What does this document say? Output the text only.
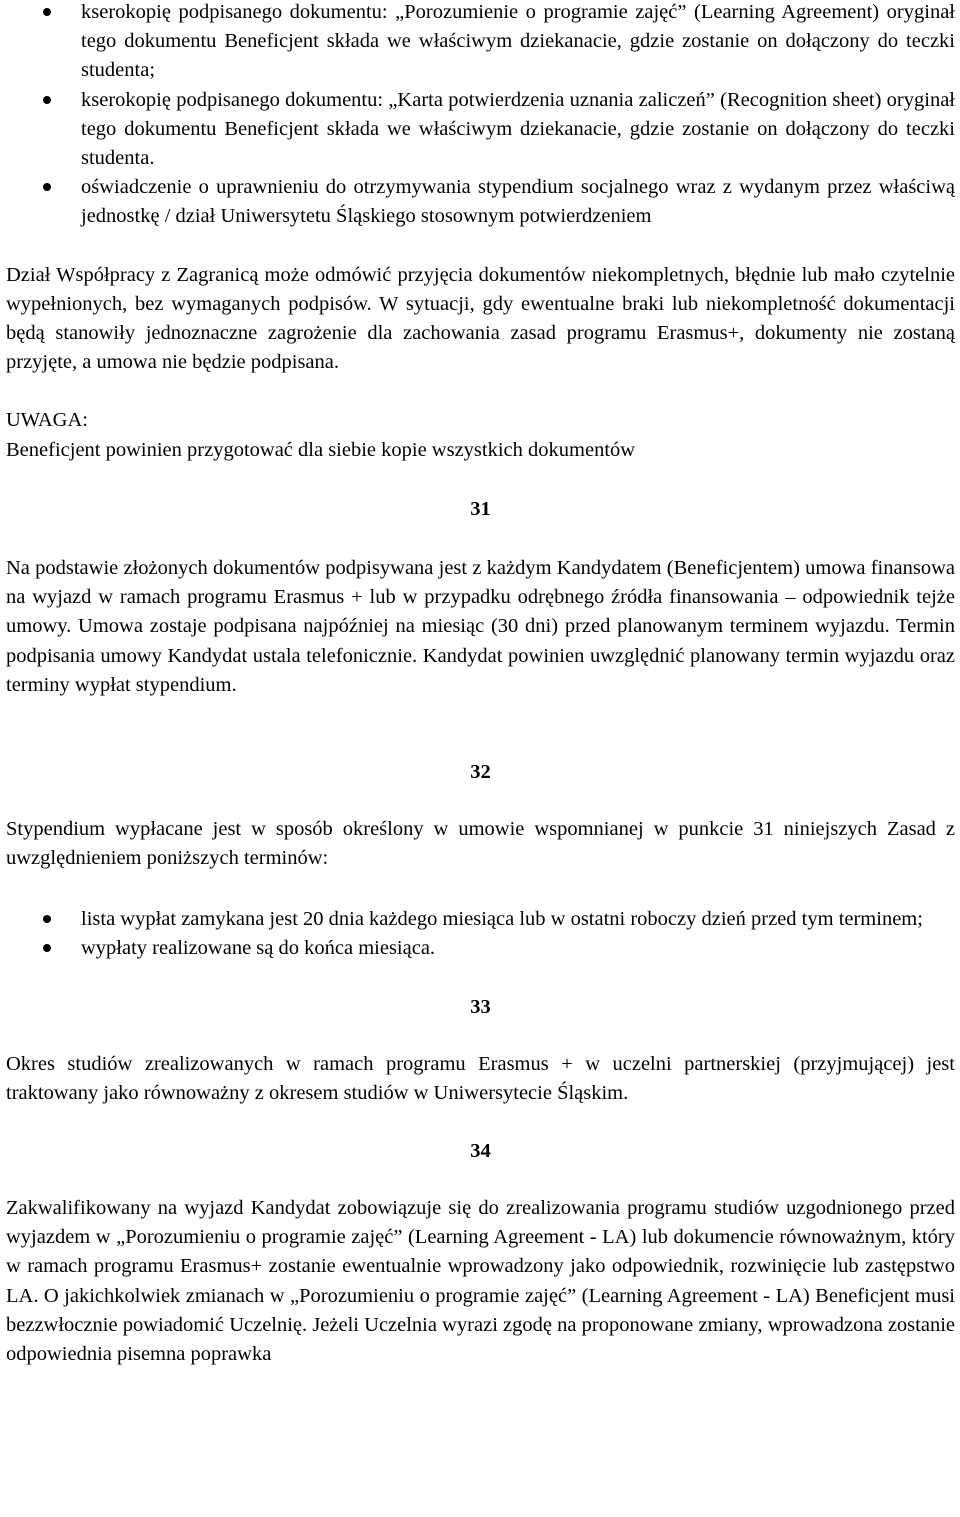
kserokopię podpisanego dokumentu: „Porozumienie o programie zajęć” (Learning Agreement) oryginał tego dokumentu Beneficjent składa we właściwym dziekanacie, gdzie zostanie on dołączony do teczki studenta;
kserokopię podpisanego dokumentu: „Karta potwierdzenia uznania zaliczeń” (Recognition sheet) oryginał tego dokumentu Beneficjent składa we właściwym dziekanacie, gdzie zostanie on dołączony do teczki studenta.
oświadczenie o uprawnieniu do otrzymywania stypendium socjalnego wraz z wydanym przez właściwą jednostkę / dział Uniwersytetu Śląskiego stosownym potwierdzeniem

Dział Współpracy z Zagranicą może odmówić przyjęcia dokumentów niekompletnych, błędnie lub mało czytelnie wypełnionych, bez wymaganych podpisów. W sytuacji, gdy ewentualne braki lub niekompletność dokumentacji będą stanowiły jednoznaczne zagrożenie dla zachowania zasad programu Erasmus+, dokumenty nie zostaną przyjęte, a umowa nie będzie podpisana.

UWAGA:

Beneficjent powinien przygotować dla siebie kopie wszystkich dokumentów

31

Na podstawie złożonych dokumentów podpisywana jest z każdym Kandydatem (Beneficjentem) umowa finansowa na wyjazd w ramach programu Erasmus + lub w przypadku odrębnego źródła finansowania – odpowiednik tejże umowy. Umowa zostaje podpisana najpóźniej na miesiąc (30 dni) przed planowanym terminem wyjazdu. Termin podpisania umowy Kandydat ustala telefonicznie. Kandydat powinien uwzględnić planowany termin wyjazdu oraz terminy wypłat stypendium.

32

Stypendium wypłacane jest w sposób określony w umowie wspomnianej w punkcie 31 niniejszych Zasad z uwzględnieniem poniższych terminów:

lista wypłat zamykana jest 20 dnia każdego miesiąca lub w ostatni roboczy dzień przed tym terminem;
wypłaty realizowane są do końca miesiąca.
33

Okres studiów zrealizowanych w ramach programu Erasmus + w uczelni partnerskiej (przyjmującej) jest traktowany jako równoważny z okresem studiów w Uniwersytecie Śląskim.

34

Zakwalifikowany na wyjazd Kandydat zobowiązuje się do zrealizowania programu studiów uzgodnionego przed wyjazdem w „Porozumieniu o programie zajęć” (Learning Agreement - LA) lub dokumencie równoważnym, który w ramach programu Erasmus+ zostanie ewentualnie wprowadzony jako odpowiednik, rozwinięcie lub zastępstwo LA. O jakichkolwiek zmianach w „Porozumieniu o programie zajęć” (Learning Agreement - LA) Beneficjent musi bezzwłocznie powiadomić Uczelnię. Jeżeli Uczelnia wyrazi zgodę na proponowane zmiany, wprowadzona zostanie odpowiednia pisemna poprawka
